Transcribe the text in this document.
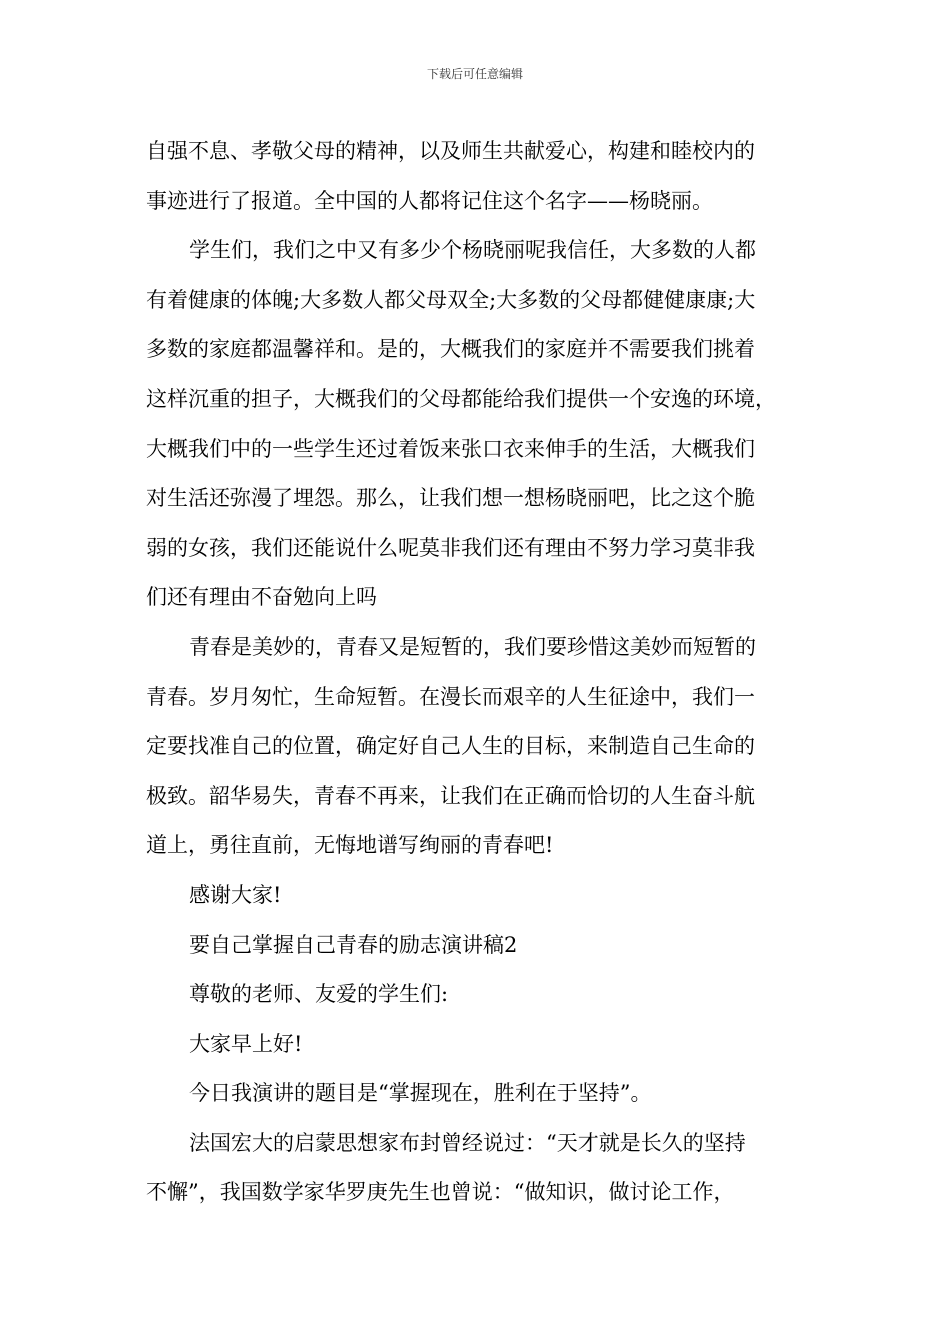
下载后可任意编辑
自强不息、孝敬父母的精神，以及师生共献爱心，构建和睦校内的
事迹进行了报道。全中国的人都将记住这个名字——杨晓丽。
学生们，我们之中又有多少个杨晓丽呢我信任，大多数的人都
有着健康的体魄;大多数人都父母双全;大多数的父母都健健康康;大
多数的家庭都温馨祥和。是的，大概我们的家庭并不需要我们挑着
这样沉重的担子，大概我们的父母都能给我们提供一个安逸的环境，
大概我们中的一些学生还过着饭来张口衣来伸手的生活，大概我们
对生活还弥漫了埋怨。那么，让我们想一想杨晓丽吧，比之这个脆
弱的女孩，我们还能说什么呢莫非我们还有理由不努力学习莫非我
们还有理由不奋勉向上吗
青春是美妙的，青春又是短暂的，我们要珍惜这美妙而短暂的
青春。岁月匆忙，生命短暂。在漫长而艰辛的人生征途中，我们一
定要找准自己的位置，确定好自己人生的目标，来制造自己生命的
极致。韶华易失，青春不再来，让我们在正确而恰切的人生奋斗航
道上，勇往直前，无悔地谱写绚丽的青春吧!
感谢大家!
要自己掌握自己青春的励志演讲稿2
尊敬的老师、友爱的学生们:
大家早上好!
今日我演讲的题目是“掌握现在，胜利在于坚持”。
法国宏大的启蒙思想家布封曾经说过：“天才就是长久的坚持
不懈”，我国数学家华罗庚先生也曾说：“做知识，做讨论工作，
